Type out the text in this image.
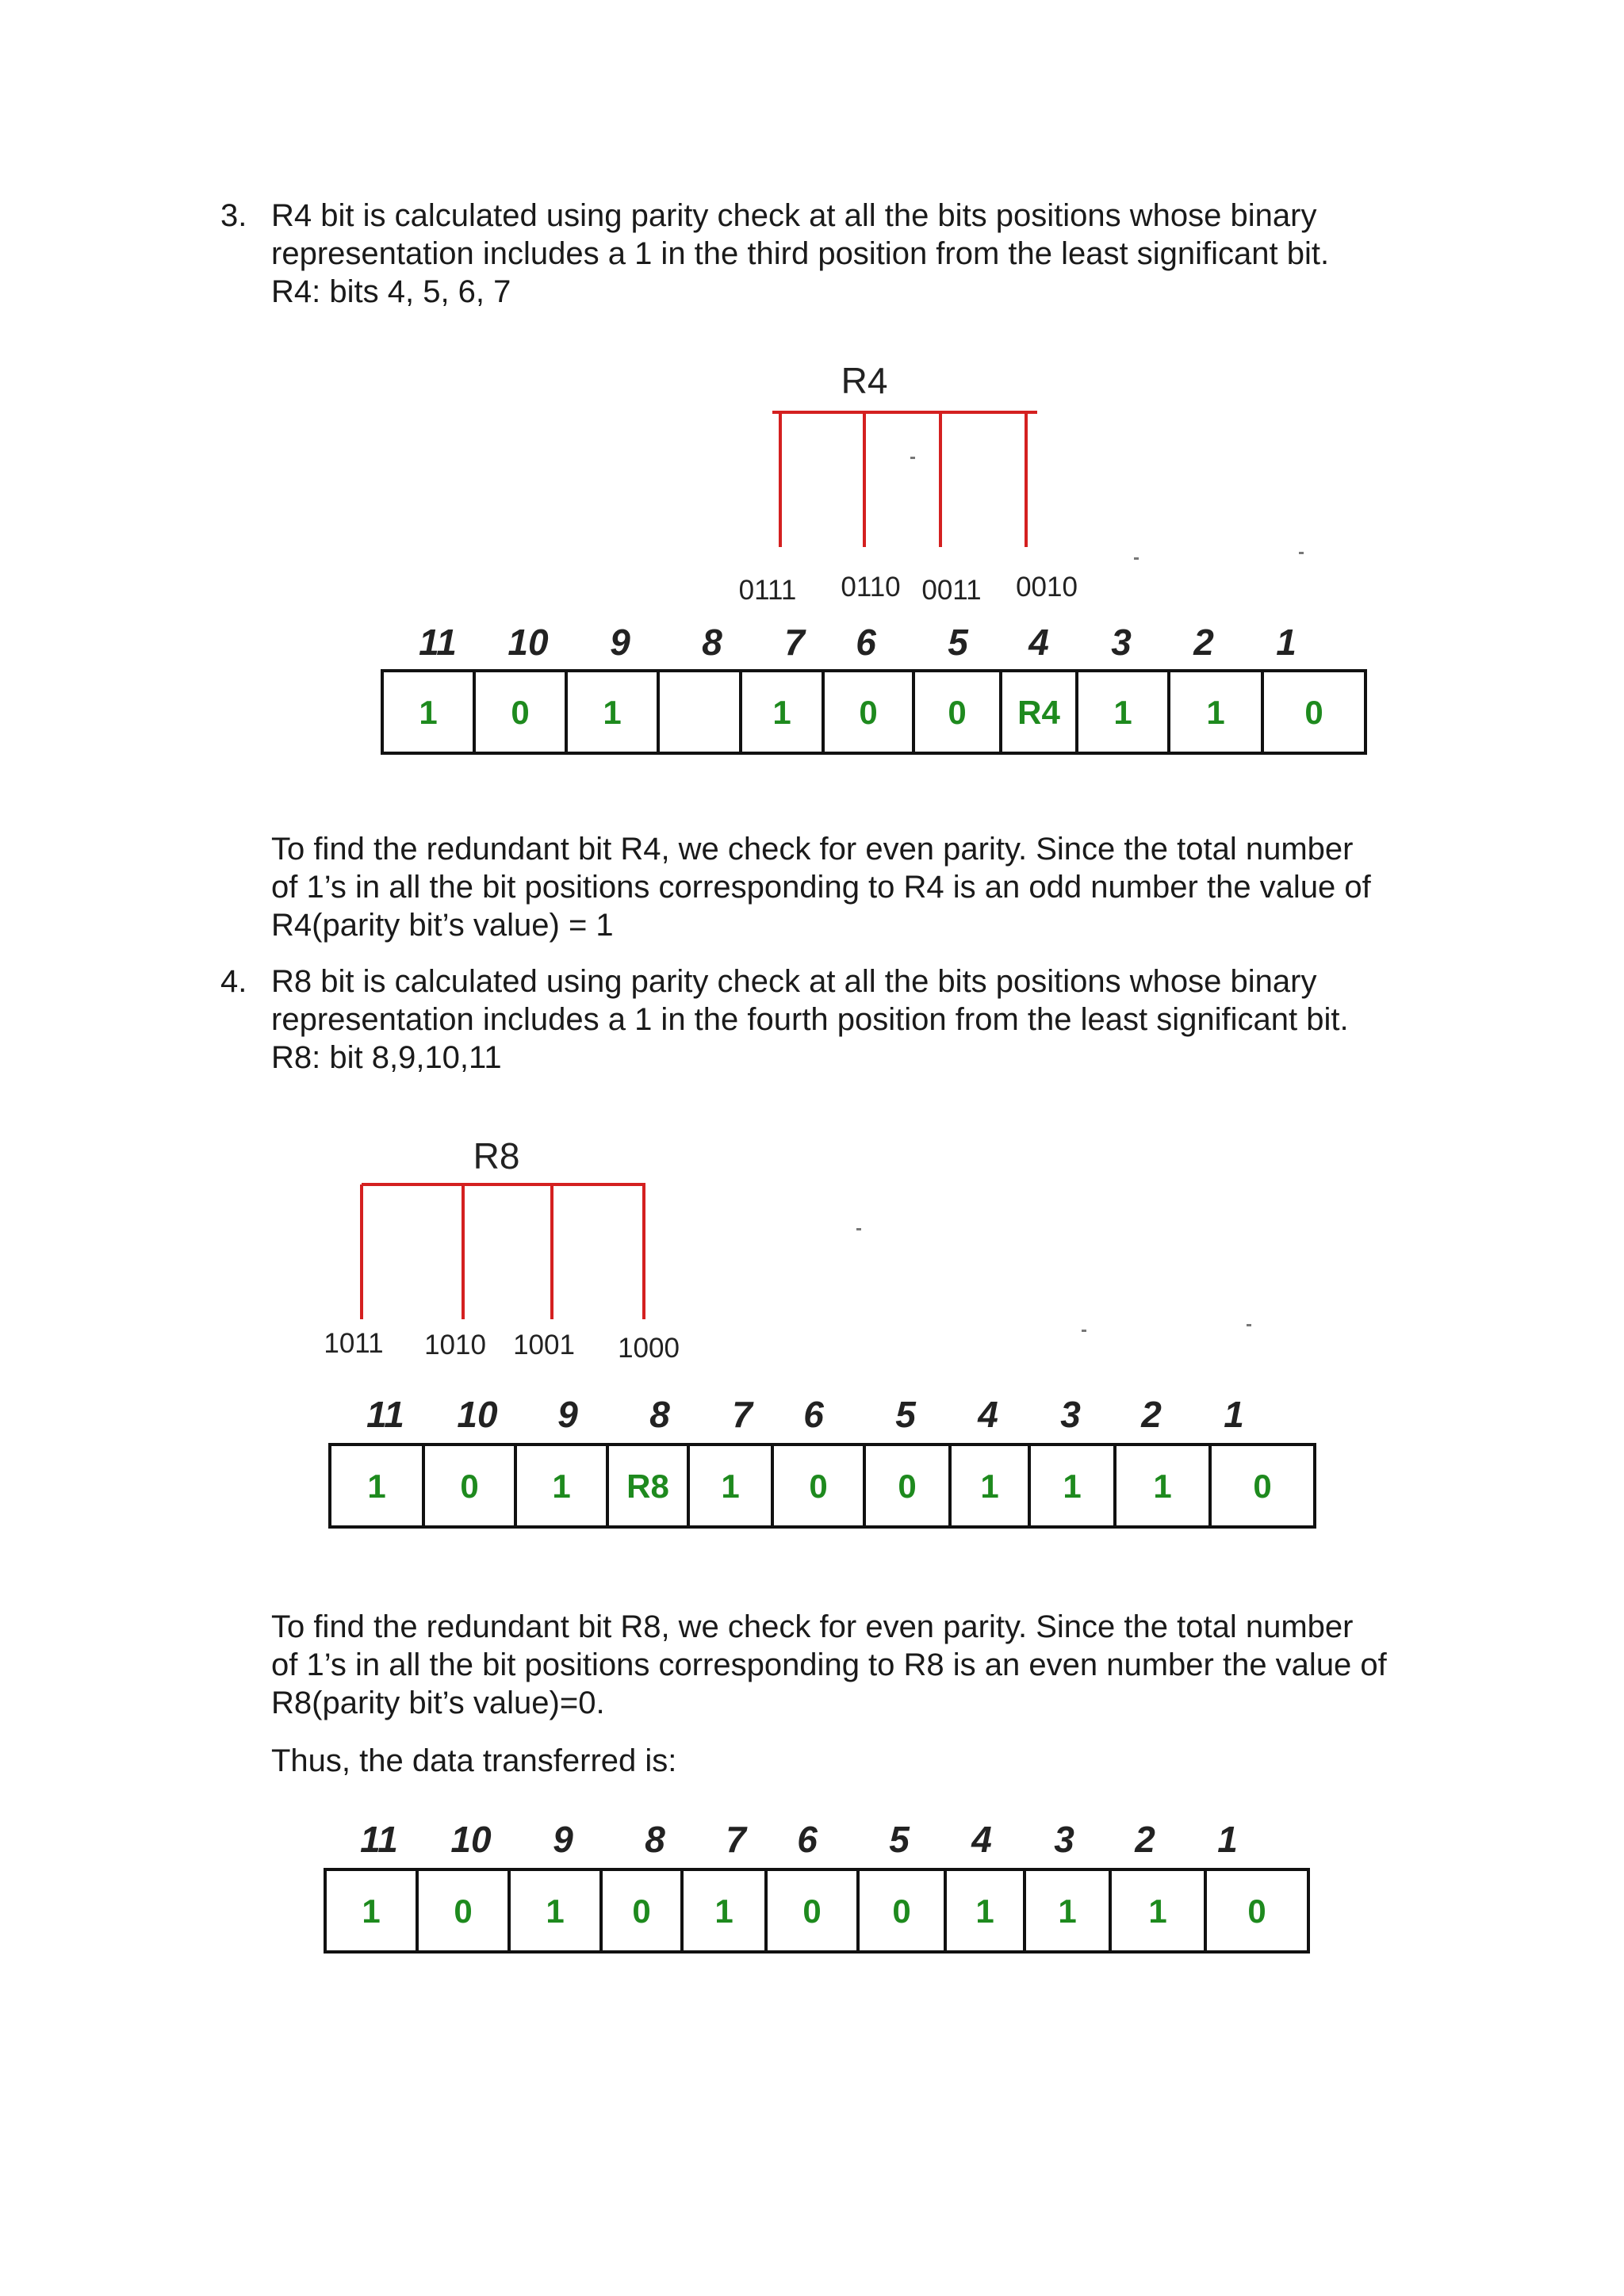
3. R4 bit is calculated using parity check at all the bits positions whose binary
representation includes a 1 in the third position from the least significant bit.
R4: bits 4, 5, 6, 7

To find the redundant bit R4, we check for even parity. Since the total number
of 1’s in all the bit positions corresponding to R4 is an odd number the value of
R4(parity bit’s value) = 1

4. R8 bit is calculated using parity check at all the bits positions whose binary
representation includes a 1 in the fourth position from the least significant bit.
R8: bit 8,9,10,11

To find the redundant bit R8, we check for even parity. Since the total number
of 1’s in all the bit positions corresponding to R8 is an even number the value of
R8(parity bit’s value)=0.

Thus, the data transferred is:

R4
0111 0110 0011 0010
11 10 9 8 7 6 5 4 3 2 1
1 0 1	1 0 0 R4 1 1 0
R8
1011 1010 1001 1000
11 10 9 8 7 6 5 4 3 2 1
1 0 1 R8 1 0 0 1 1 1 0
11 10 9 8 7 6 5 4 3 2 1
1 0 1 0 1 0 0 1 1 1 0
